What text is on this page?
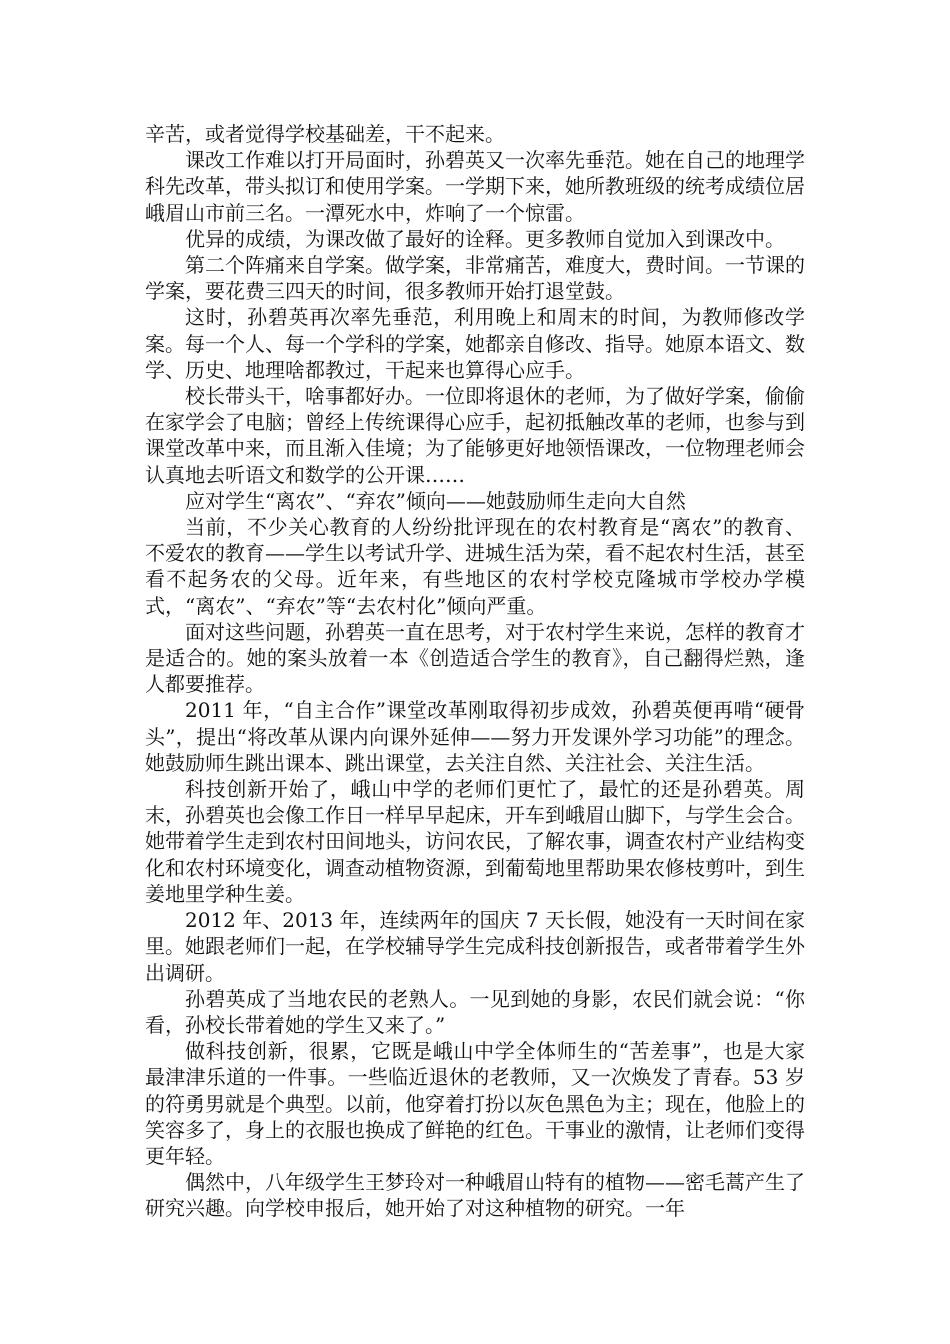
辛苦，或者觉得学校基础差，干不起来。

课改工作难以打开局面时，孙碧英又一次率先垂范。她在自己的地理学科先改革，带头拟订和使用学案。一学期下来，她所教班级的统考成绩位居峨眉山市前三名。一潭死水中，炸响了一个惊雷。

优异的成绩，为课改做了最好的诠释。更多教师自觉加入到课改中。

第二个阵痛来自学案。做学案，非常痛苦，难度大，费时间。一节课的学案，要花费三四天的时间，很多教师开始打退堂鼓。

这时，孙碧英再次率先垂范，利用晚上和周末的时间，为教师修改学案。每一个人、每一个学科的学案，她都亲自修改、指导。她原本语文、数学、历史、地理啥都教过，干起来也算得心应手。

校长带头干，啥事都好办。一位即将退休的老师，为了做好学案，偷偷在家学会了电脑；曾经上传统课得心应手，起初抵触改革的老师，也参与到课堂改革中来，而且渐入佳境；为了能够更好地领悟课改，一位物理老师会认真地去听语文和数学的公开课……

应对学生“离农”、“弃农”倾向——她鼓励师生走向大自然

当前，不少关心教育的人纷纷批评现在的农村教育是“离农”的教育、不爱农的教育——学生以考试升学、进城生活为荣，看不起农村生活，甚至看不起务农的父母。近年来，有些地区的农村学校克隆城市学校办学模式，“离农”、“弃农”等“去农村化”倾向严重。

面对这些问题，孙碧英一直在思考，对于农村学生来说，怎样的教育才是适合的。她的案头放着一本《创造适合学生的教育》，自己翻得烂熟，逢人都要推荐。

2011 年，“自主合作”课堂改革刚取得初步成效，孙碧英便再啃“硬骨头”，提出“将改革从课内向课外延伸——努力开发课外学习功能”的理念。她鼓励师生跳出课本、跳出课堂，去关注自然、关注社会、关注生活。

科技创新开始了，峨山中学的老师们更忙了，最忙的还是孙碧英。周末，孙碧英也会像工作日一样早早起床，开车到峨眉山脚下，与学生会合。她带着学生走到农村田间地头，访问农民，了解农事，调查农村产业结构变化和农村环境变化，调查动植物资源，到葡萄地里帮助果农修枝剪叶，到生姜地里学种生姜。

2012 年、2013 年，连续两年的国庆 7 天长假，她没有一天时间在家里。她跟老师们一起，在学校辅导学生完成科技创新报告，或者带着学生外出调研。

孙碧英成了当地农民的老熟人。一见到她的身影，农民们就会说：“你看，孙校长带着她的学生又来了。”

做科技创新，很累，它既是峨山中学全体师生的“苦差事”，也是大家最津津乐道的一件事。一些临近退休的老教师，又一次焕发了青春。53 岁的符勇男就是个典型。以前，他穿着打扮以灰色黑色为主；现在，他脸上的笑容多了，身上的衣服也换成了鲜艳的红色。干事业的激情，让老师们变得更年轻。

偶然中，八年级学生王梦玲对一种峨眉山特有的植物——密毛蒿产生了研究兴趣。向学校申报后，她开始了对这种植物的研究。一年
